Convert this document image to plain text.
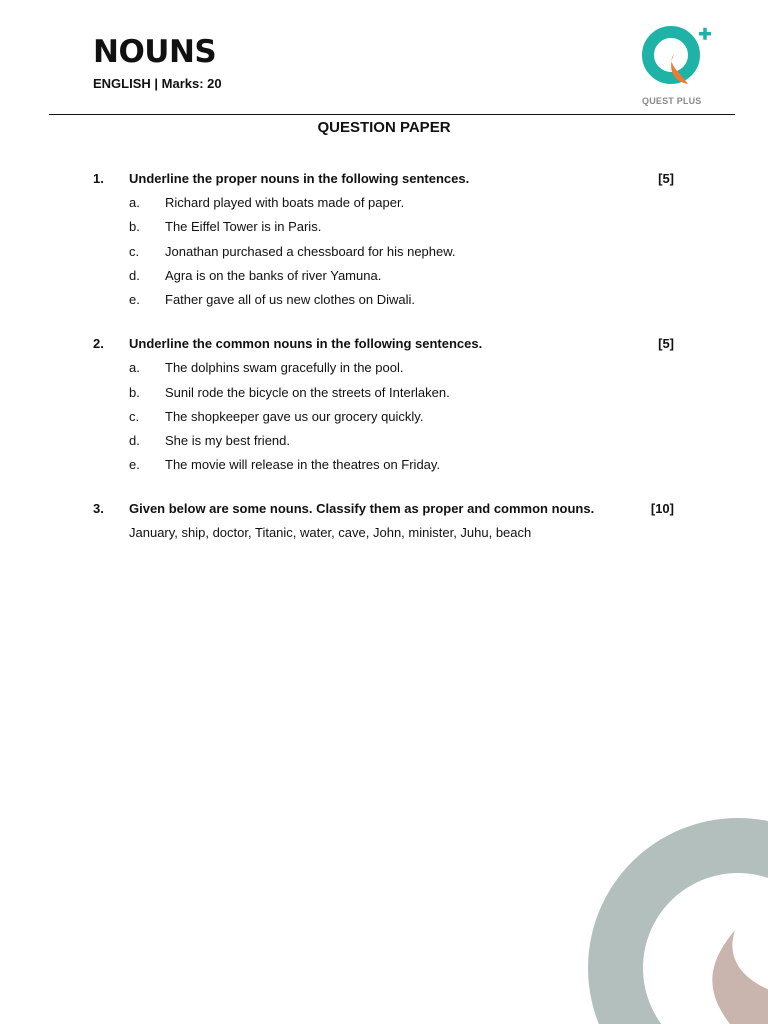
NOUNS
ENGLISH | Marks: 20
QUEST PLUS
QUESTION PAPER
1. Underline the proper nouns in the following sentences.	[5]
a. Richard played with boats made of paper.
b. The Eiffel Tower is in Paris.
c. Jonathan purchased a chessboard for his nephew.
d. Agra is on the banks of river Yamuna.
e. Father gave all of us new clothes on Diwali.
2. Underline the common nouns in the following sentences.	[5]
a. The dolphins swam gracefully in the pool.
b. Sunil rode the bicycle on the streets of Interlaken.
c. The shopkeeper gave us our grocery quickly.
d. She is my best friend.
e. The movie will release in the theatres on Friday.
3. Given below are some nouns. Classify them as proper and common nouns.	[10]
January, ship, doctor, Titanic, water, cave, John, minister, Juhu, beach
